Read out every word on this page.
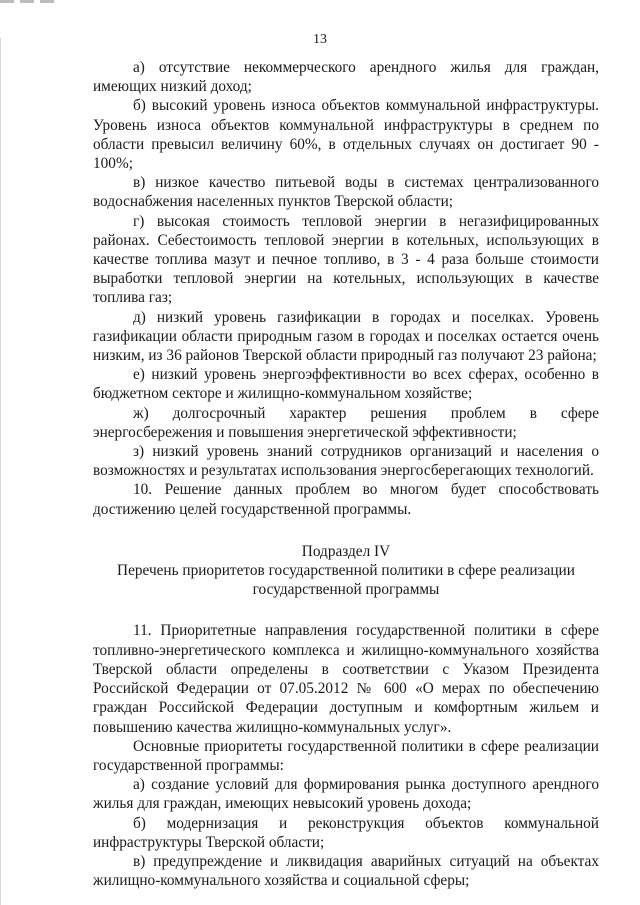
13

а) отсутствие некоммерческого арендного жилья для граждан, имеющих низкий доход;

б) высокий уровень износа объектов коммунальной инфраструктуры. Уровень износа объектов коммунальной инфраструктуры в среднем по области превысил величину 60%, в отдельных случаях он достигает 90 - 100%;

в) низкое качество питьевой воды в системах централизованного водоснабжения населенных пунктов Тверской области;

г) высокая стоимость тепловой энергии в негазифицированных районах. Себестоимость тепловой энергии в котельных, использующих в качестве топлива мазут и печное топливо, в 3 - 4 раза больше стоимости выработки тепловой энергии на котельных, использующих в качестве топлива газ;

д) низкий уровень газификации в городах и поселках. Уровень газификации области природным газом в городах и поселках остается очень низким, из 36 районов Тверской области природный газ получают 23 района;

е) низкий уровень энергоэффективности во всех сферах, особенно в бюджетном секторе и жилищно-коммунальном хозяйстве;

ж) долгосрочный характер решения проблем в сфере энергосбережения и повышения энергетической эффективности;

з) низкий уровень знаний сотрудников организаций и населения о возможностях и результатах использования энергосберегающих технологий.

10. Решение данных проблем во многом будет способствовать достижению целей государственной программы.

Подраздел IV

Перечень приоритетов государственной политики в сфере реализации государственной программы

11. Приоритетные направления государственной политики в сфере топливно-энергетического комплекса и жилищно-коммунального хозяйства Тверской области определены в соответствии с Указом Президента Российской Федерации от 07.05.2012 № 600 «О мерах по обеспечению граждан Российской Федерации доступным и комфортным жильем и повышению качества жилищно-коммунальных услуг».

Основные приоритеты государственной политики в сфере реализации государственной программы:

а) создание условий для формирования рынка доступного арендного жилья для граждан, имеющих невысокий уровень дохода;

б) модернизация и реконструкция объектов коммунальной инфраструктуры Тверской области;

в) предупреждение и ликвидация аварийных ситуаций на объектах жилищно-коммунального хозяйства и социальной сферы;
